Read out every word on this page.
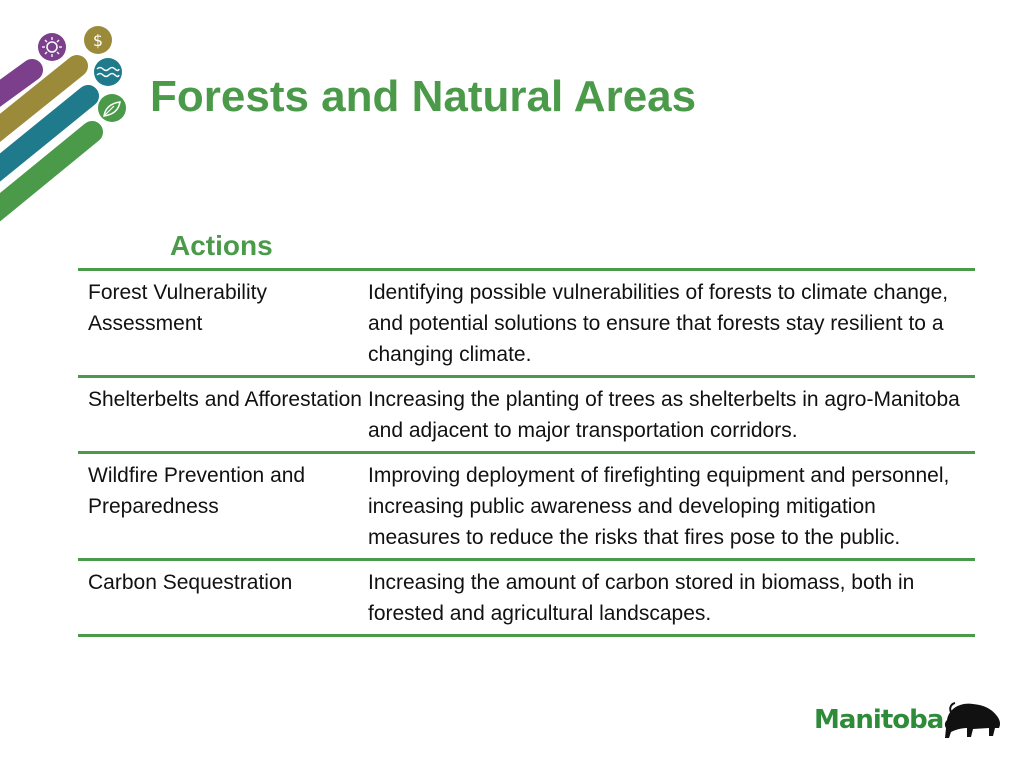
$
Forests and Natural Areas
Actions
Forest Vulnerability Assessment
Identifying possible vulnerabilities of forests to climate change, and potential solutions to ensure that forests stay resilient to a changing climate.
Shelterbelts and Afforestation Increasing the planting of trees as shelterbelts in agro-Manitoba and adjacent to major transportation corridors.
Wildfire Prevention and Preparedness
Improving deployment of firefighting equipment and personnel, increasing public awareness and developing mitigation measures to reduce the risks that fires pose to the public.
Carbon Sequestration	Increasing the amount of carbon stored in biomass, both in forested and agricultural landscapes.
Manitoba
